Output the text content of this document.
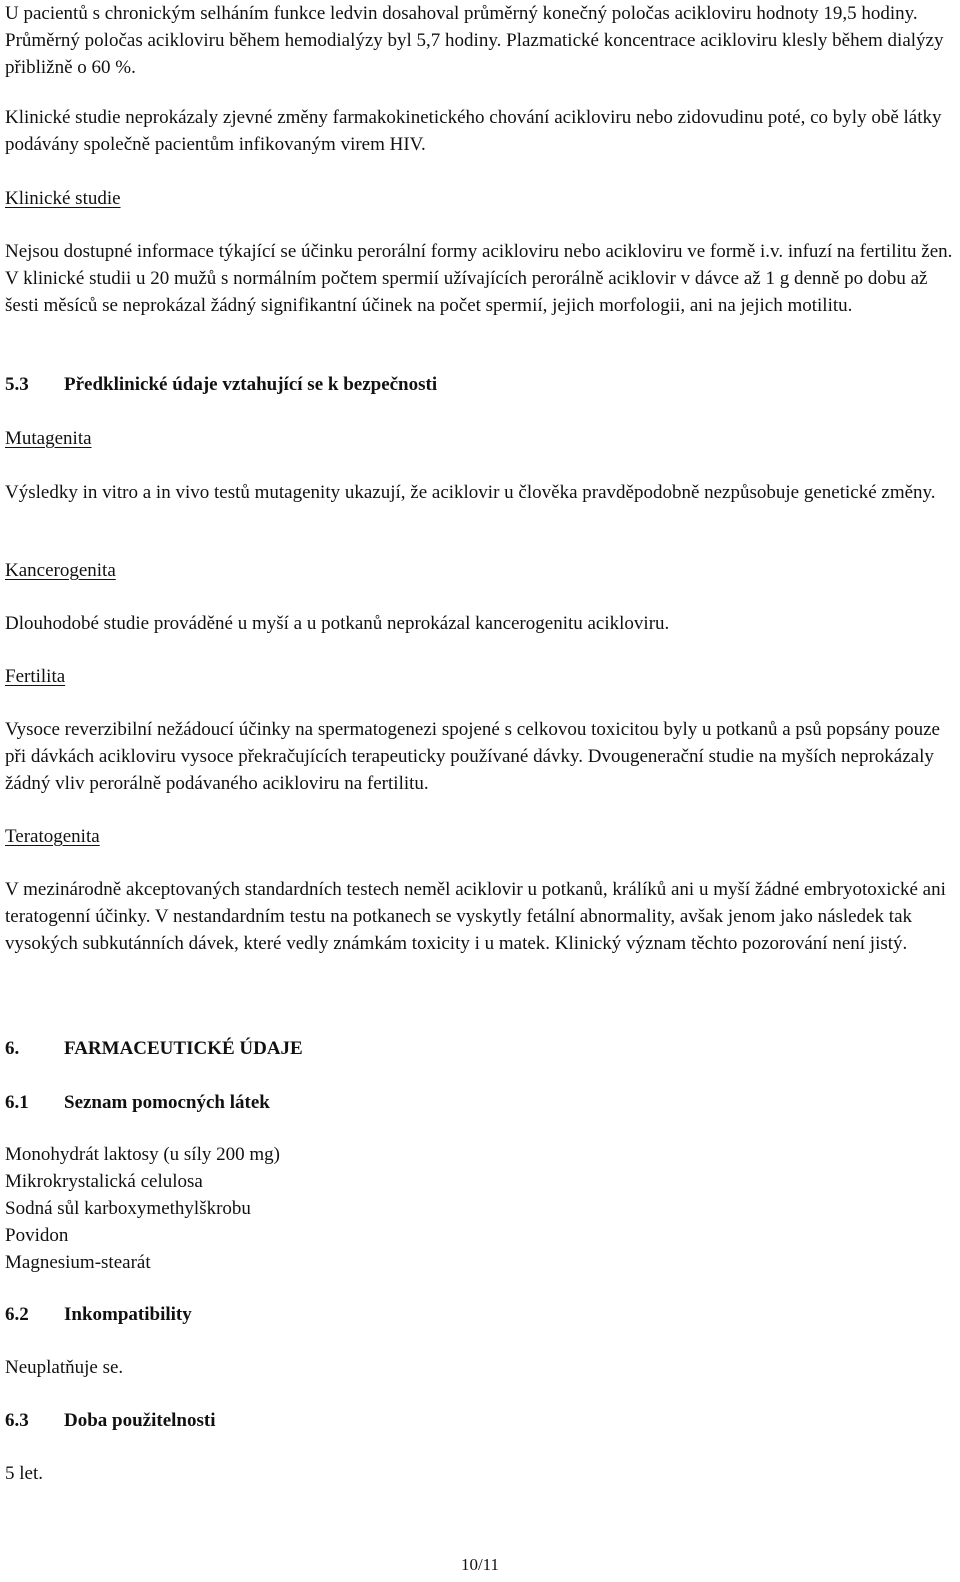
U pacientů s chronickým selháním funkce ledvin dosahoval průměrný konečný poločas acikloviru hodnoty 19,5 hodiny. Průměrný poločas acikloviru během hemodialýzy byl 5,7 hodiny. Plazmatické koncentrace acikloviru klesly během dialýzy přibližně o 60 %.

Klinické studie neprokázaly zjevné změny farmakokinetického chování acikloviru nebo zidovudinu poté, co byly obě látky podávány společně pacientům infikovaným virem HIV.

Klinické studie

Nejsou dostupné informace týkající se účinku perorální formy acikloviru nebo acikloviru ve formě i.v. infuzí na fertilitu žen. V klinické studii u 20 mužů s normálním počtem spermií užívajících perorálně aciklovir v dávce až 1 g denně po dobu až šesti měsíců se neprokázal žádný signifikantní účinek na počet spermií, jejich morfologii, ani na jejich motilitu.

5.3	Předklinické údaje vztahující se k bezpečnosti

Mutagenita

Výsledky in vitro a in vivo testů mutagenity ukazují, že aciklovir u člověka pravděpodobně nezpůsobuje genetické změny.

Kancerogenita

Dlouhodobé studie prováděné u myší a u potkanů neprokázal kancerogenitu acikloviru.

Fertilita

Vysoce reverzibilní nežádoucí účinky na spermatogenezi spojené s celkovou toxicitou byly u potkanů a psů popsány pouze při dávkách acikloviru vysoce překračujících terapeuticky používané dávky. Dvougenerační studie na myších neprokázaly žádný vliv perorálně podávaného acikloviru na fertilitu.

Teratogenita

V mezinárodně akceptovaných standardních testech neměl aciklovir u potkanů, králíků ani u myší žádné embryotoxické ani teratogenní účinky. V nestandardním testu na potkanech se vyskytly fetální abnormality, avšak jenom jako následek tak vysokých subkutánních dávek, které vedly známkám toxicity i u matek. Klinický význam těchto pozorování není jistý.

6.	FARMACEUTICKÉ ÚDAJE
6.1	Seznam pomocných látek

Monohydrát laktosy (u síly 200 mg)

Mikrokrystalická celulosa

Sodná sůl karboxymethylškrobu

Povidon

Magnesium-stearát

6.2	Inkompatibility

Neuplatňuje se.

6.3	Doba použitelnosti

5 let.

10/11
